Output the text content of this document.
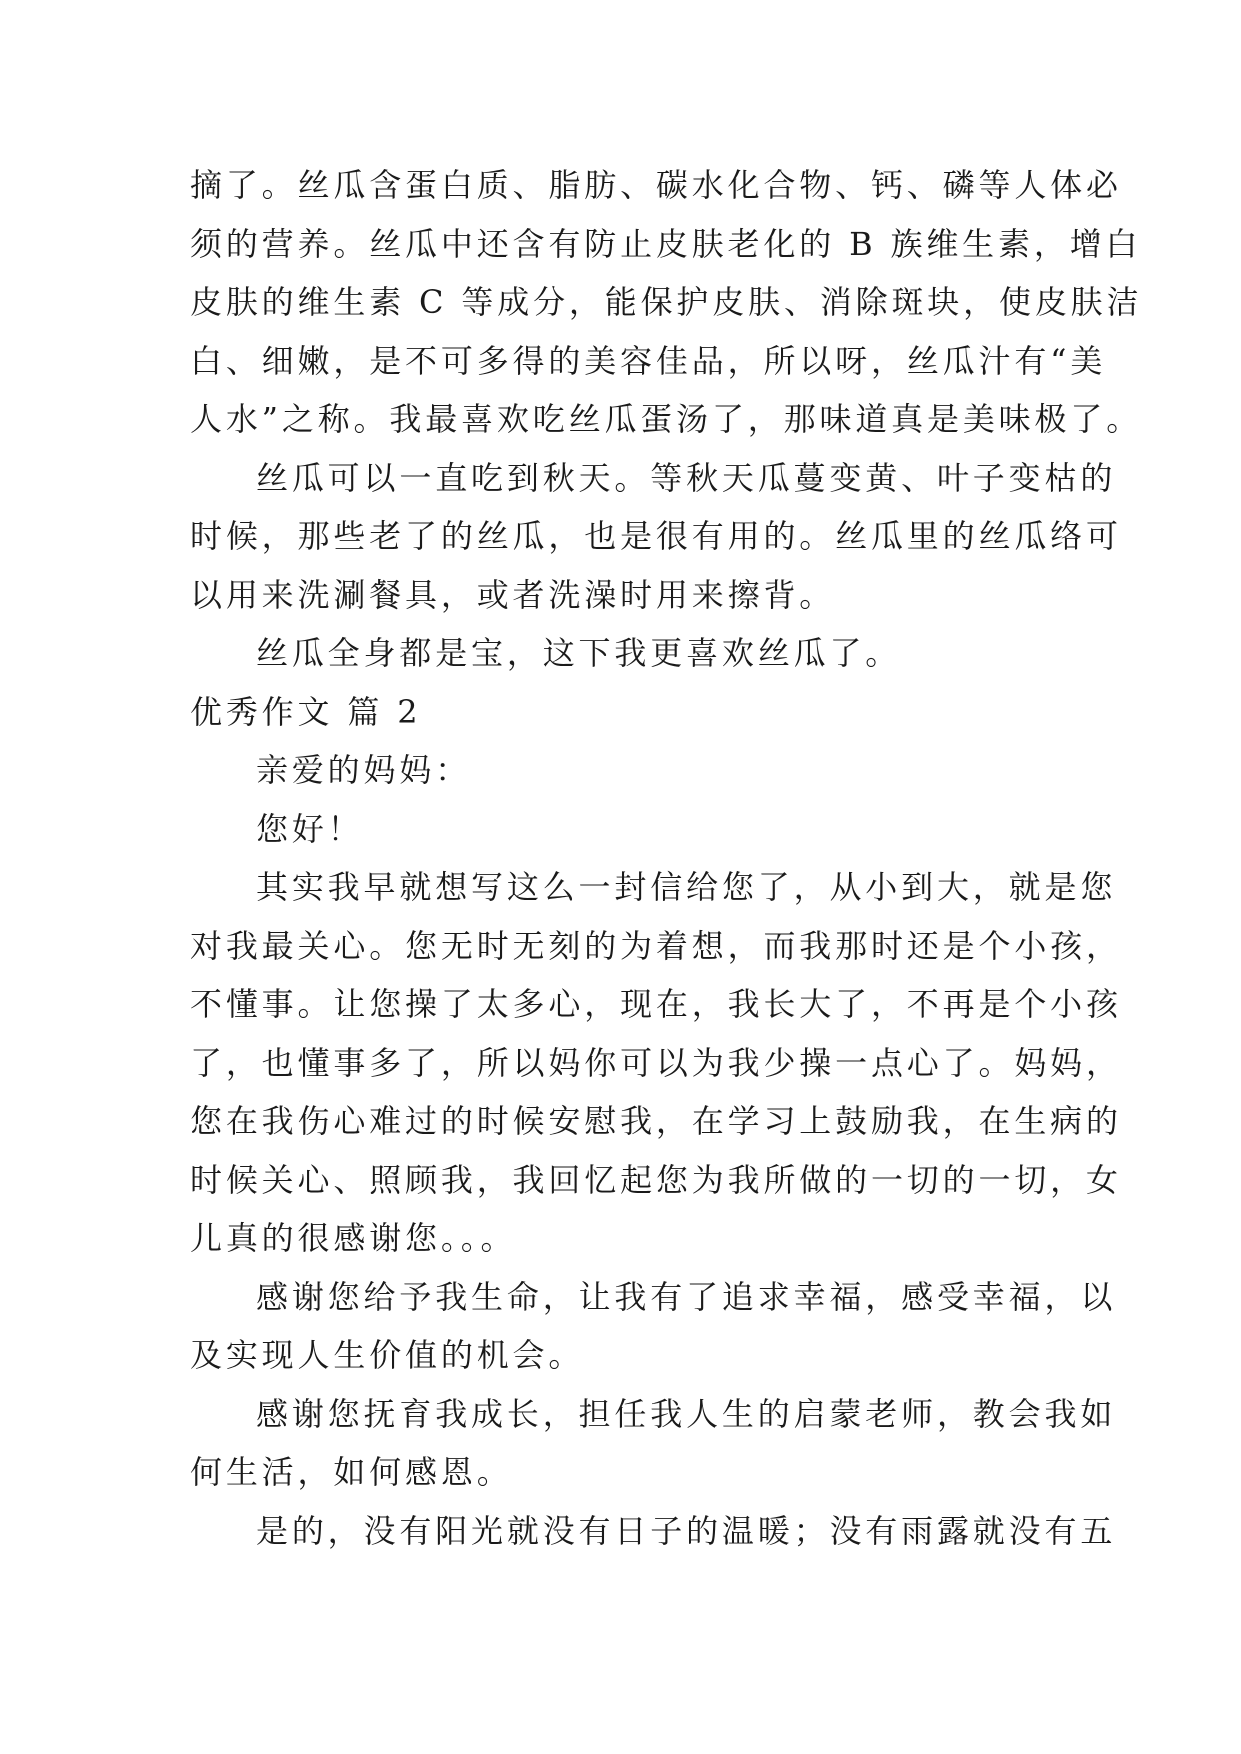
摘了。丝瓜含蛋白质、脂肪、碳水化合物、钙、磷等人体必
须的营养。丝瓜中还含有防止皮肤老化的 B 族维生素，增白
皮肤的维生素 C 等成分，能保护皮肤、消除斑块，使皮肤洁
白、细嫩，是不可多得的美容佳品，所以呀，丝瓜汁有“美
人水”之称。我最喜欢吃丝瓜蛋汤了，那味道真是美味极了。
丝瓜可以一直吃到秋天。等秋天瓜蔓变黄、叶子变枯的
时候，那些老了的丝瓜，也是很有用的。丝瓜里的丝瓜络可
以用来洗涮餐具，或者洗澡时用来擦背。
丝瓜全身都是宝，这下我更喜欢丝瓜了。
优秀作文 篇 2
亲爱的妈妈：
您好！
其实我早就想写这么一封信给您了，从小到大，就是您
对我最关心。您无时无刻的为着想，而我那时还是个小孩，
不懂事。让您操了太多心，现在，我长大了，不再是个小孩
了，也懂事多了，所以妈你可以为我少操一点心了。妈妈，
您在我伤心难过的时候安慰我，在学习上鼓励我，在生病的
时候关心、照顾我，我回忆起您为我所做的一切的一切，女
儿真的很感谢您。。。
感谢您给予我生命，让我有了追求幸福，感受幸福，以
及实现人生价值的机会。
感谢您抚育我成长，担任我人生的启蒙老师，教会我如
何生活，如何感恩。
是的，没有阳光就没有日子的温暖；没有雨露就没有五
